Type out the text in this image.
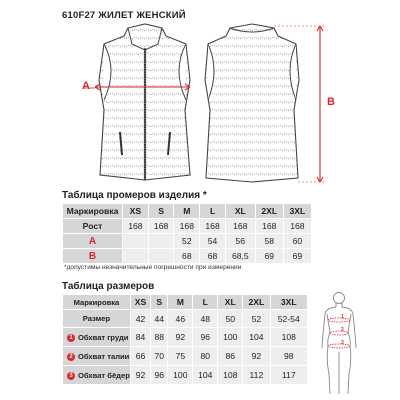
610F27 ЖИЛЕТ ЖЕНСКИЙ
A
B
Таблица промеров изделия *
Маркировка	XS	S	M	L	XL	2XL	3XL
Рост	168	168	168	168	168	168	168
A			52	54	56	58	60
B			68	68	68,5	69	69
*допустимы незначительные погрешности при измерении
Таблица размеров
Маркировка	XS	S	M	L	XL	2XL	3XL
Размер	42	44	46	48	50	52	52-54
1 Обхват груди	84	88	92	96	100	104	108
2 Обхват талии	66	70	75	80	86	92	98
3 Обхват бёдер	92	96	100	104	108	112	117
1
2
3
